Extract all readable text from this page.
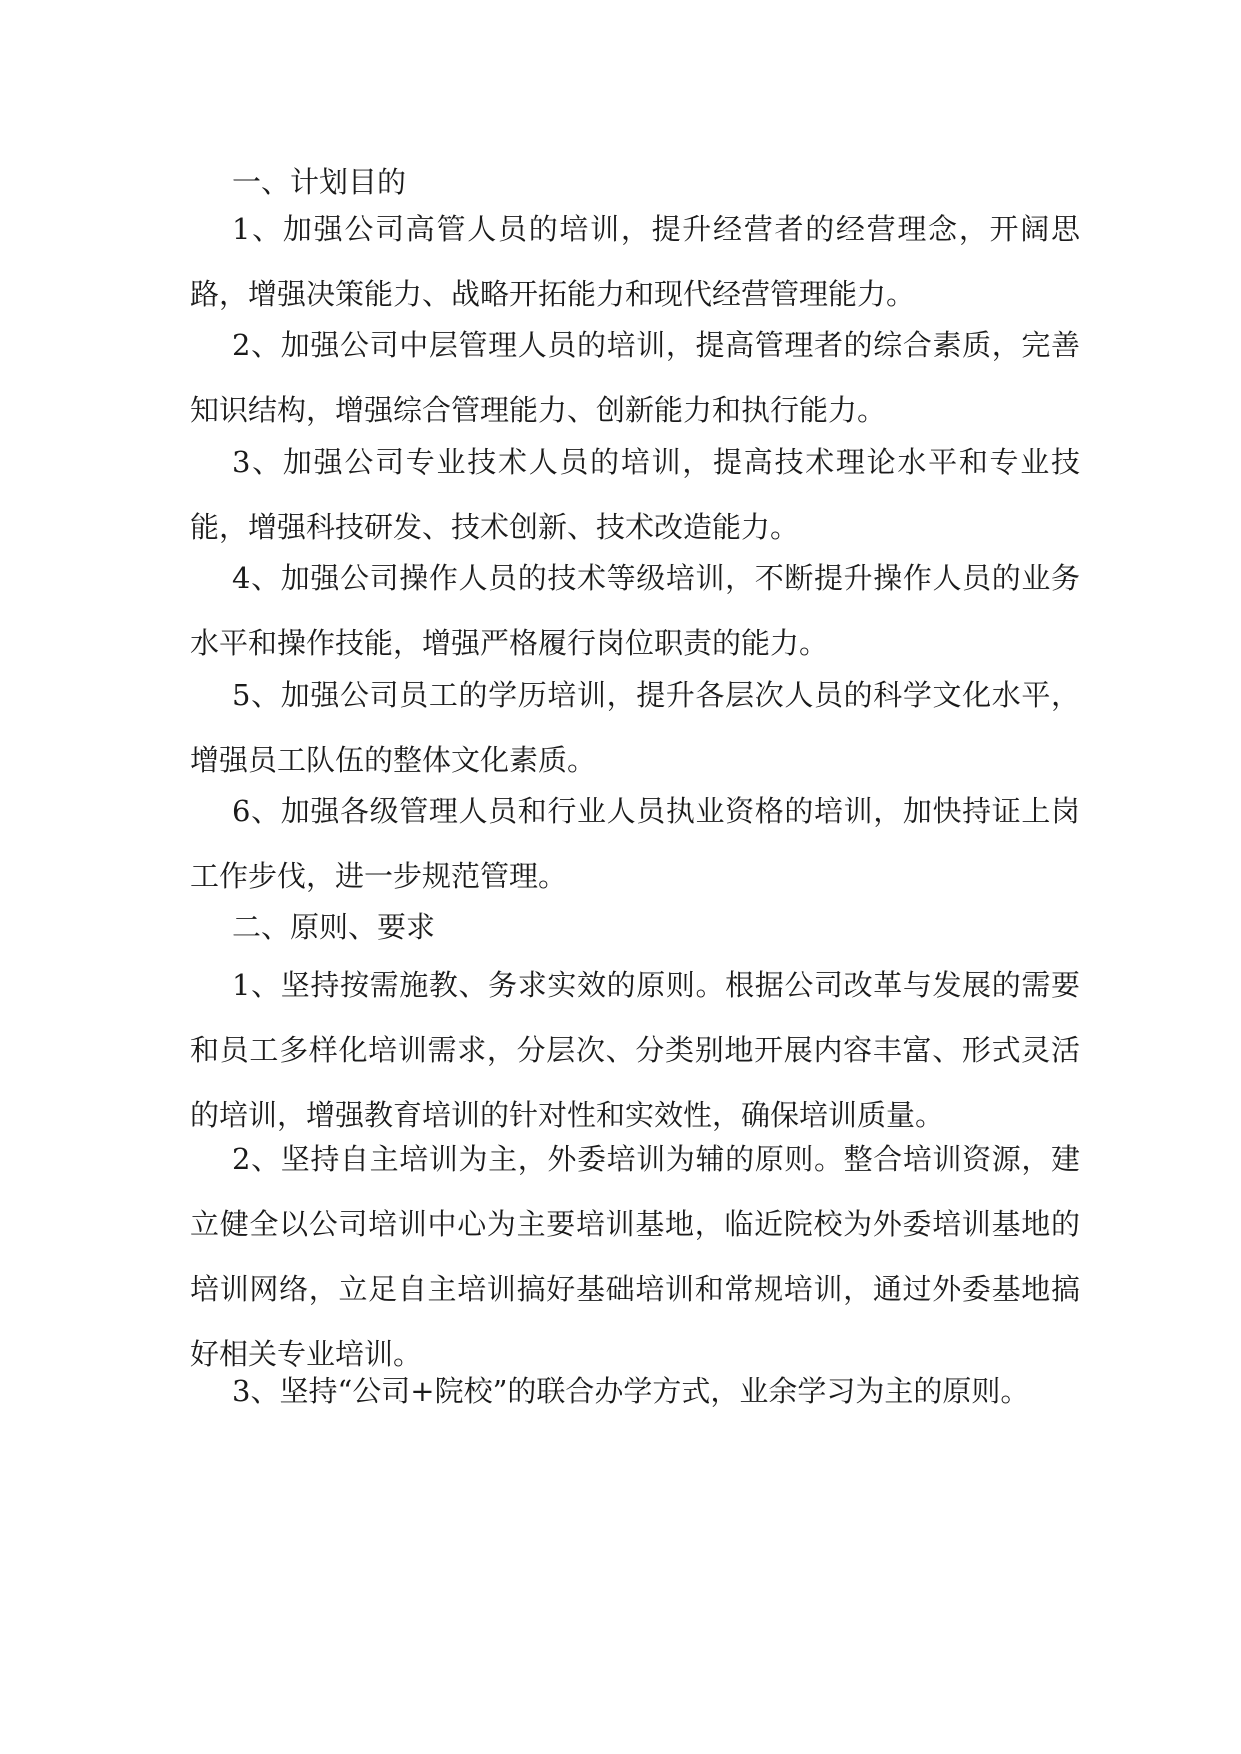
一、计划目的

1、加强公司高管人员的培训，提升经营者的经营理念，开阔思路，增强决策能力、战略开拓能力和现代经营管理能力。

2、加强公司中层管理人员的培训，提高管理者的综合素质，完善知识结构，增强综合管理能力、创新能力和执行能力。

3、加强公司专业技术人员的培训，提高技术理论水平和专业技能，增强科技研发、技术创新、技术改造能力。

4、加强公司操作人员的技术等级培训，不断提升操作人员的业务水平和操作技能，增强严格履行岗位职责的能力。

5、加强公司员工的学历培训，提升各层次人员的科学文化水平，增强员工队伍的整体文化素质。

6、加强各级管理人员和行业人员执业资格的培训，加快持证上岗工作步伐，进一步规范管理。

二、原则、要求

1、坚持按需施教、务求实效的原则。根据公司改革与发展的需要和员工多样化培训需求，分层次、分类别地开展内容丰富、形式灵活的培训，增强教育培训的针对性和实效性，确保培训质量。

2、坚持自主培训为主，外委培训为辅的原则。整合培训资源，建立健全以公司培训中心为主要培训基地，临近院校为外委培训基地的培训网络，立足自主培训搞好基础培训和常规培训，通过外委基地搞好相关专业培训。

3、坚持“公司+院校”的联合办学方式，业余学习为主的原则。
